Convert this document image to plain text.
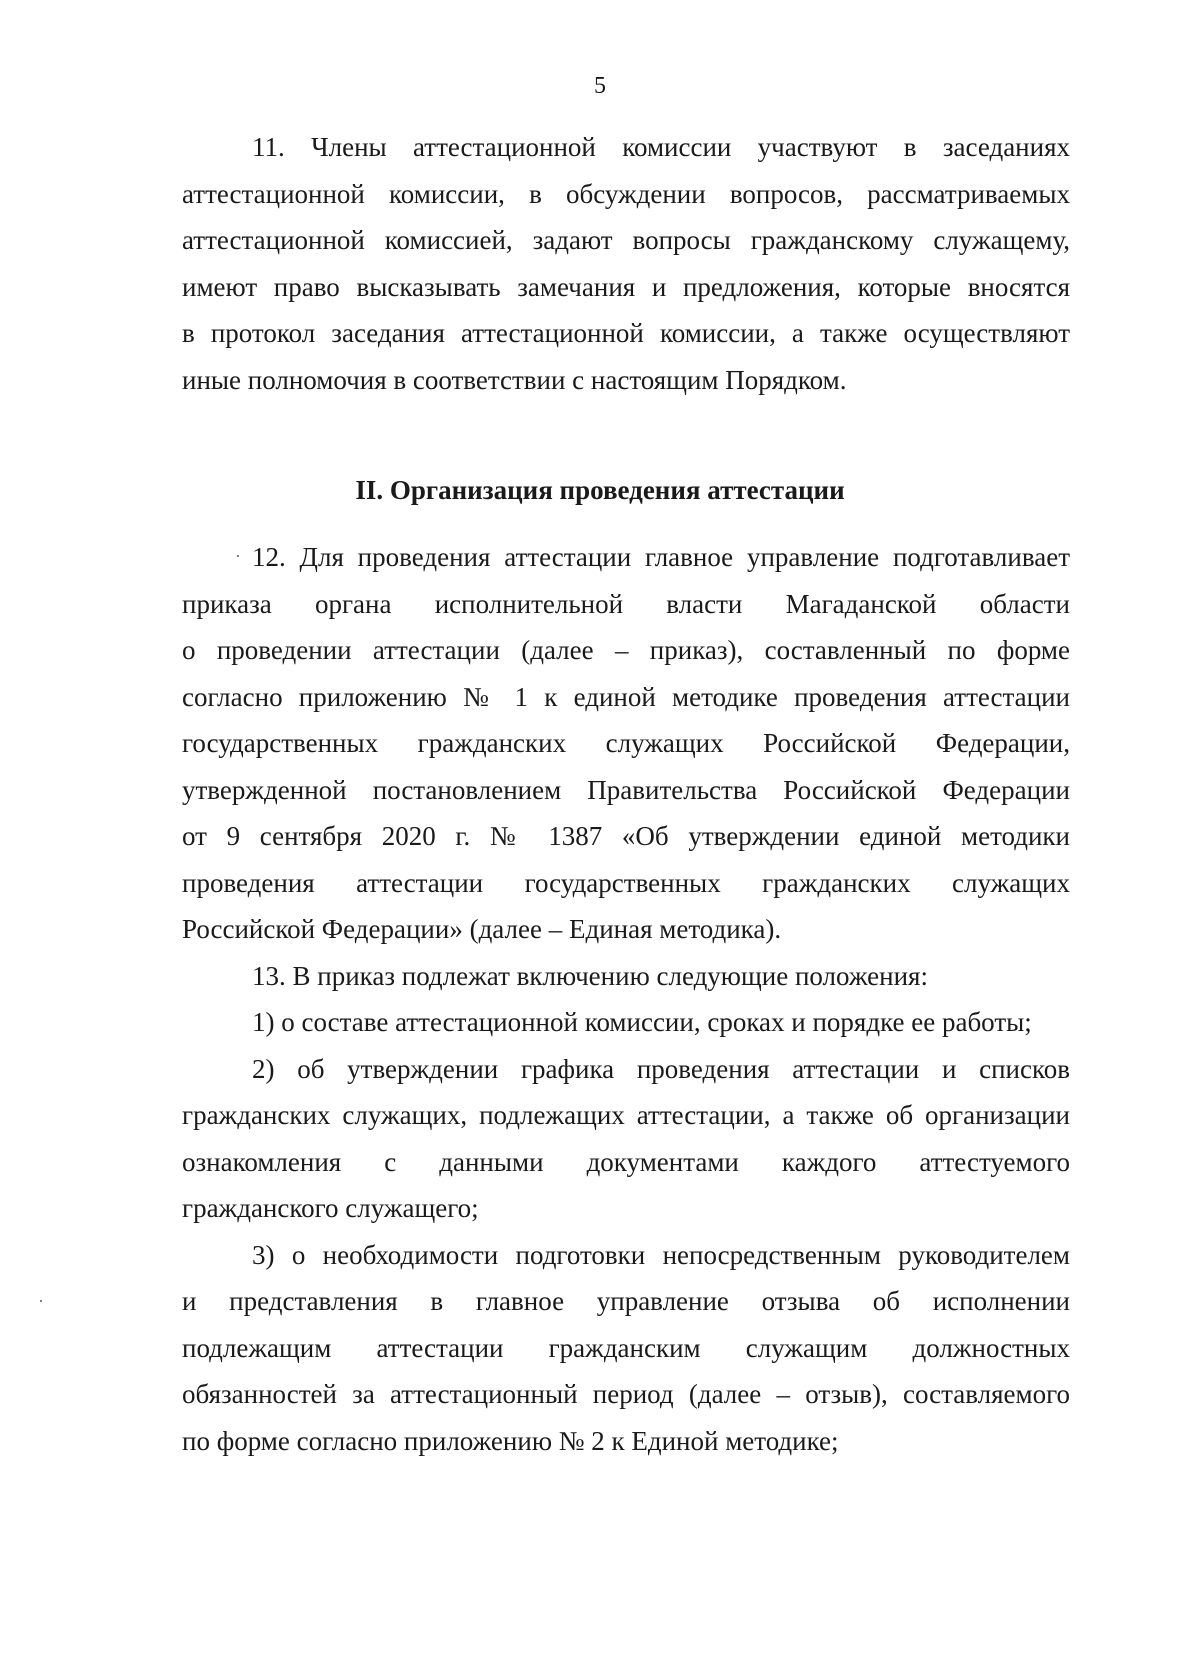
5
11. Члены аттестационной комиссии участвуют в заседаниях
аттестационной комиссии, в обсуждении вопросов, рассматриваемых
аттестационной комиссией, задают вопросы гражданскому служащему,
имеют право высказывать замечания и предложения, которые вносятся
в протокол заседания аттестационной комиссии, а также осуществляют
иные полномочия в соответствии с настоящим Порядком.
II. Организация проведения аттестации
12. Для проведения аттестации главное управление подготавливает
приказа органа исполнительной власти Магаданской области
о проведении аттестации (далее – приказ), составленный по форме
согласно приложению № 1 к единой методике проведения аттестации
государственных гражданских служащих Российской Федерации,
утвержденной постановлением Правительства Российской Федерации
от 9 сентября 2020 г. № 1387 «Об утверждении единой методики
проведения аттестации государственных гражданских служащих
Российской Федерации» (далее – Единая методика).
13. В приказ подлежат включению следующие положения:
1) о составе аттестационной комиссии, сроках и порядке ее работы;
2) об утверждении графика проведения аттестации и списков
гражданских служащих, подлежащих аттестации, а также об организации
ознакомления с данными документами каждого аттестуемого
гражданского служащего;
3) о необходимости подготовки непосредственным руководителем
и представления в главное управление отзыва об исполнении
подлежащим аттестации гражданским служащим должностных
обязанностей за аттестационный период (далее – отзыв), составляемого
по форме согласно приложению № 2 к Единой методике;
